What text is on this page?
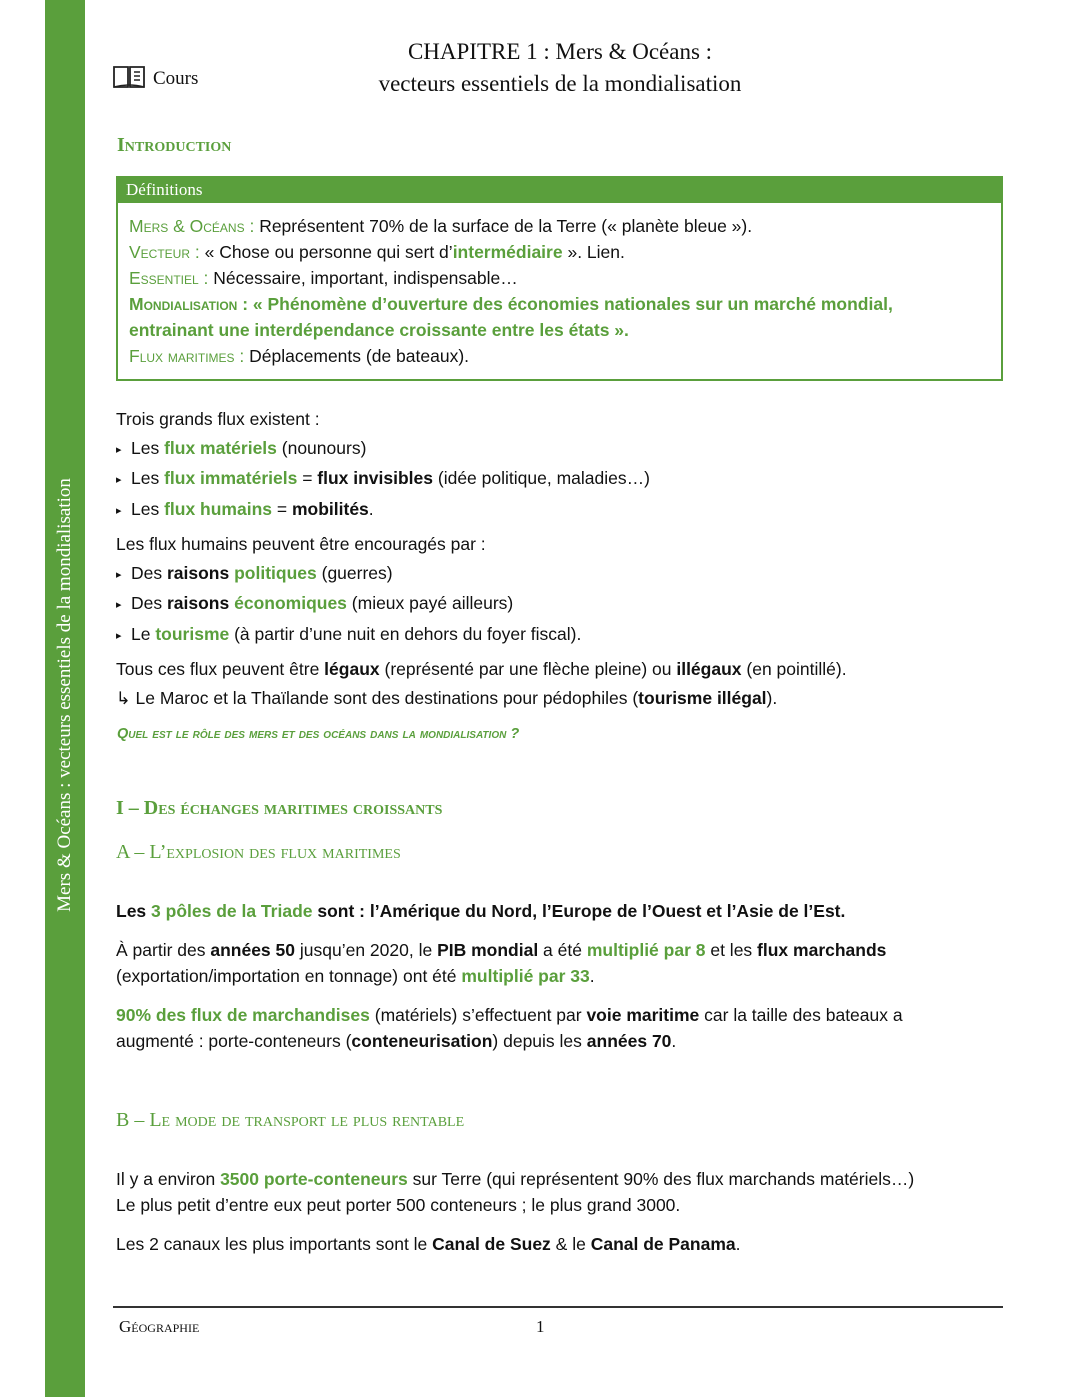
Mers & Océans : vecteurs essentiels de la mondialisation
Cours
CHAPITRE 1 : Mers & Océans :
vecteurs essentiels de la mondialisation
Introduction
Définitions

Mers & Océans : Représentent 70% de la surface de la Terre (« planète bleue »).

Vecteur : « Chose ou personne qui sert d’intermédiaire ». Lien.

Essentiel : Nécessaire, important, indispensable…

Mondialisation : « Phénomène d’ouverture des économies nationales sur un marché mondial,

entrainant une interdépendance croissante entre les états ».

Flux maritimes : Déplacements (de bateaux).

Trois grands flux existent :

▸ Les flux matériels (nounours)

▸ Les flux immatériels = flux invisibles (idée politique, maladies…)

▸ Les flux humains = mobilités.

Les flux humains peuvent être encouragés par :

▸ Des raisons politiques (guerres)

▸ Des raisons économiques (mieux payé ailleurs)

▸ Le tourisme (à partir d’une nuit en dehors du foyer fiscal).

Tous ces flux peuvent être légaux (représenté par une flèche pleine) ou illégaux (en pointillé).

↳ Le Maroc et la Thaïlande sont des destinations pour pédophiles (tourisme illégal).

Quel est le rôle des mers et des océans dans la mondialisation ?
I – Des échanges maritimes croissants
A – L’explosion des flux maritimes

Les 3 pôles de la Triade sont : l’Amérique du Nord, l’Europe de l’Ouest et l’Asie de l’Est.

À partir des années 50 jusqu’en 2020, le PIB mondial a été multiplié par 8 et les flux marchands

(exportation/importation en tonnage) ont été multiplié par 33.

90% des flux de marchandises (matériels) s’effectuent par voie maritime car la taille des bateaux a

augmenté : porte-conteneurs (conteneurisation) depuis les années 70.

B – Le mode de transport le plus rentable

Il y a environ 3500 porte-conteneurs sur Terre (qui représentent 90% des flux marchands matériels…)

Le plus petit d’entre eux peut porter 500 conteneurs ; le plus grand 3000.

Les 2 canaux les plus importants sont le Canal de Suez & le Canal de Panama.

Géographie	1
